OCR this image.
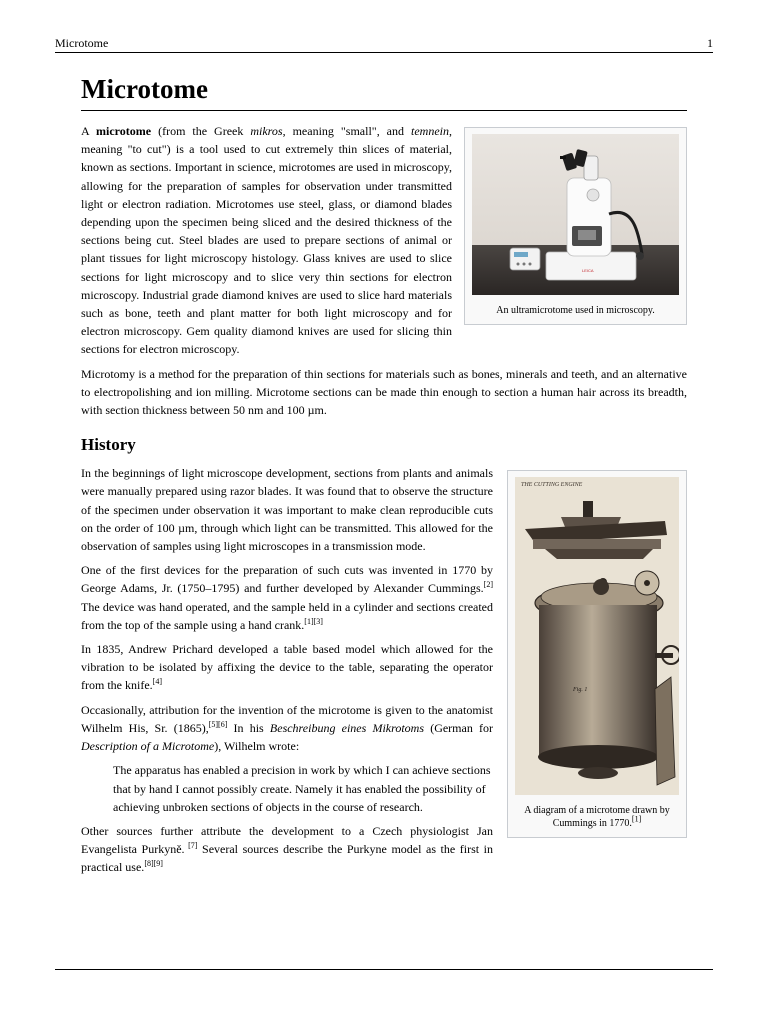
Microtome	1
Microtome
LEICA
An ultramicrotome used in microscopy.

A microtome (from the Greek mikros, meaning "small", and temnein, meaning "to cut") is a tool used to cut extremely thin slices of material, known as sections. Important in science, microtomes are used in microscopy, allowing for the preparation of samples for observation under transmitted light or electron radiation. Microtomes use steel, glass, or diamond blades depending upon the specimen being sliced and the desired thickness of the sections being cut. Steel blades are used to prepare sections of animal or plant tissues for light microscopy histology. Glass knives are used to slice sections for light microscopy and to slice very thin sections for electron microscopy. Industrial grade diamond knives are used to slice hard materials such as bone, teeth and plant matter for both light microscopy and for electron microscopy. Gem quality diamond knives are used for slicing thin sections for electron microscopy.

Microtomy is a method for the preparation of thin sections for materials such as bones, minerals and teeth, and an alternative to electropolishing and ion milling. Microtome sections can be made thin enough to section a human hair across its breadth, with section thickness between 50 nm and 100 µm.

History
THE CUTTING ENGINE
Fig. 1
A diagram of a microtome drawn by Cummings in 1770.[1]

In the beginnings of light microscope development, sections from plants and animals were manually prepared using razor blades. It was found that to observe the structure of the specimen under observation it was important to make clean reproducible cuts on the order of 100 µm, through which light can be transmitted. This allowed for the observation of samples using light microscopes in a transmission mode.

One of the first devices for the preparation of such cuts was invented in 1770 by George Adams, Jr. (1750–1795) and further developed by Alexander Cummings.[2] The device was hand operated, and the sample held in a cylinder and sections created from the top of the sample using a hand crank.[1][3]

In 1835, Andrew Prichard developed a table based model which allowed for the vibration to be isolated by affixing the device to the table, separating the operator from the knife.[4]

Occasionally, attribution for the invention of the microtome is given to the anatomist Wilhelm His, Sr. (1865),[5][6] In his Beschreibung eines Mikrotoms (German for Description of a Microtome), Wilhelm wrote:

The apparatus has enabled a precision in work by which I can achieve sections that by hand I cannot possibly create. Namely it has enabled the possibility of achieving unbroken sections of objects in the course of research.

Other sources further attribute the development to a Czech physiologist Jan Evangelista Purkyně. [7] Several sources describe the Purkyne model as the first in practical use.[8][9]
